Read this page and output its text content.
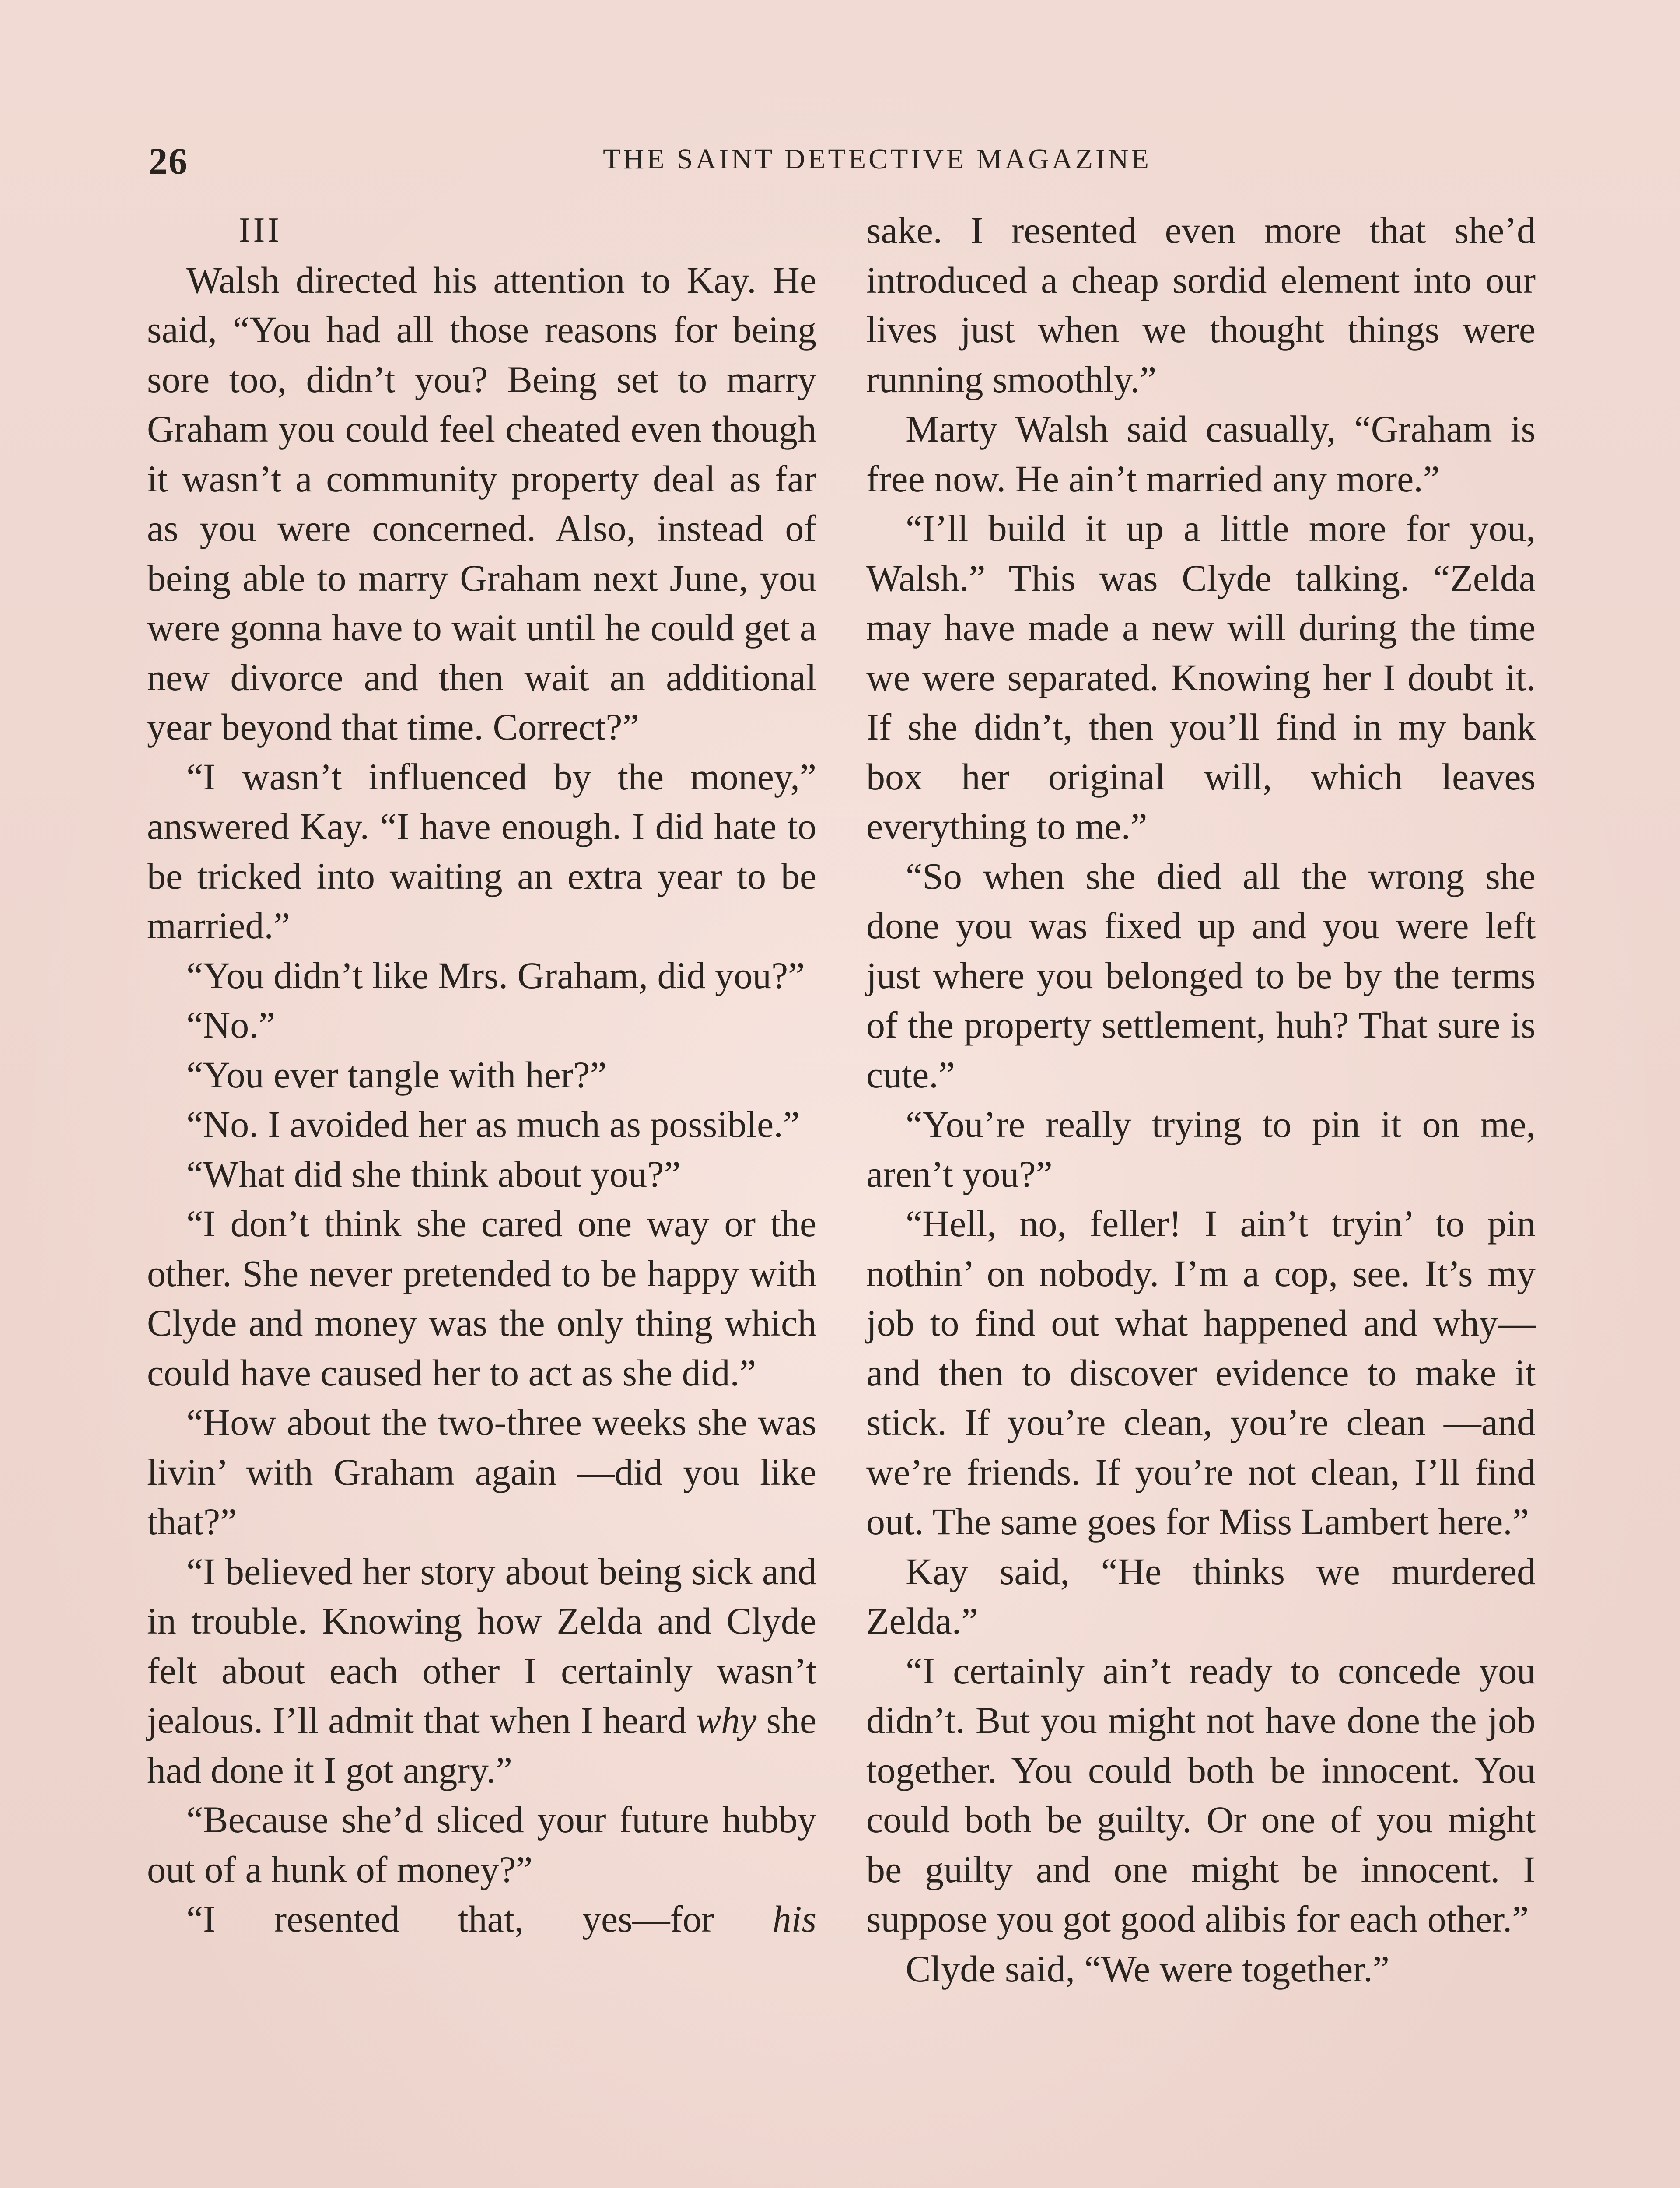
26	THE SAINT DETECTIVE MAGAZINE

III

Walsh directed his attention to Kay. He said, “You had all those reasons for being sore too, didn’t you? Being set to marry Graham you could feel cheated even though it wasn’t a community property deal as far as you were concerned. Also, instead of being able to marry Graham next June, you were gonna have to wait until he could get a new divorce and then wait an additional year beyond that time. Correct?”

“I wasn’t influenced by the money,” answered Kay. “I have enough. I did hate to be tricked into waiting an extra year to be married.”

“You didn’t like Mrs. Graham, did you?”

“No.”

“You ever tangle with her?”

“No. I avoided her as much as possible.”

“What did she think about you?”

“I don’t think she cared one way or the other. She never pretended to be happy with Clyde and money was the only thing which could have caused her to act as she did.”

“How about the two-three weeks she was livin’ with Graham again —did you like that?”

“I believed her story about being sick and in trouble. Knowing how Zelda and Clyde felt about each other I certainly wasn’t jealous. I’ll admit that when I heard why she had done it I got angry.”

“Because she’d sliced your future hubby out of a hunk of money?”

“I resented that, yes—for his

sake. I resented even more that she’d introduced a cheap sordid element into our lives just when we thought things were running smoothly.”

Marty Walsh said casually, “Graham is free now. He ain’t married any more.”

“I’ll build it up a little more for you, Walsh.” This was Clyde talking. “Zelda may have made a new will during the time we were separated. Knowing her I doubt it. If she didn’t, then you’ll find in my bank box her original will, which leaves everything to me.”

“So when she died all the wrong she done you was fixed up and you were left just where you belonged to be by the terms of the property settlement, huh? That sure is cute.”

“You’re really trying to pin it on me, aren’t you?”

“Hell, no, feller! I ain’t tryin’ to pin nothin’ on nobody. I’m a cop, see. It’s my job to find out what happened and why—and then to discover evidence to make it stick. If you’re clean, you’re clean —and we’re friends. If you’re not clean, I’ll find out. The same goes for Miss Lambert here.”

Kay said, “He thinks we murdered Zelda.”

“I certainly ain’t ready to concede you didn’t. But you might not have done the job together. You could both be innocent. You could both be guilty. Or one of you might be guilty and one might be innocent. I suppose you got good alibis for each other.”

Clyde said, “We were together.”
